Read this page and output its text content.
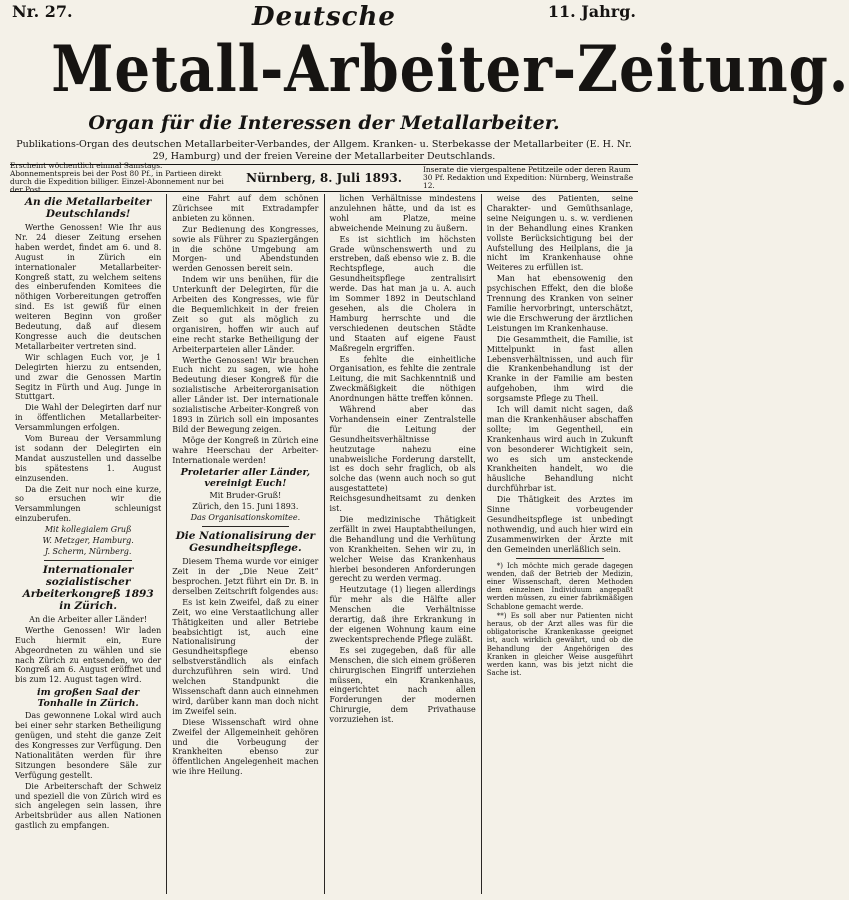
Nr. 27.	Deutsche	11. Jahrg.
Metall-Arbeiter-Zeitung.
Organ für die Interessen der Metallarbeiter.
Publikations-Organ des deutschen Metallarbeiter-Verbandes, der Allgem. Kranken- u. Sterbekasse der Metallarbeiter (E. H. Nr. 29, Hamburg) und der freien Vereine der Metallarbeiter Deutschlands.
Erscheint wöchentlich einmal Samstags. Abonnementspreis bei der Post 80 Pf., in Partieen direkt durch die Expedition billiger. Einzel-Abonnement nur bei der Post.
Nürnberg, 8. Juli 1893.
Inserate die viergespaltene Petitzeile oder deren Raum 30 Pf. Redaktion und Expedition: Nürnberg, Weinstraße 12.
An die Metallarbeiter Deutschlands!

Werthe Genossen! Wie Ihr aus Nr. 24 dieser Zeitung ersehen haben werdet, findet am 6. und 8. August in Zürich ein internationaler Metallarbeiter-Kongreß statt, zu welchem seitens des einberufenden Komitees die nöthigen Vorbereitungen getroffen sind. Es ist gewiß für einen weiteren Beginn von großer Bedeutung, daß auf diesem Kongresse auch die deutschen Metallarbeiter vertreten sind.

Wir schlagen Euch vor, je 1 Delegirten hierzu zu entsenden, und zwar die Genossen Martin Segitz in Fürth und Aug. Junge in Stuttgart.

Die Wahl der Delegirten darf nur in öffentlichen Metallarbeiter-Versammlungen erfolgen.

Vom Bureau der Versammlung ist sodann der Delegirten ein Mandat auszustellen und dasselbe bis spätestens 1. August einzusenden.

Da die Zeit nur noch eine kurze, so ersuchen wir die Versammlungen schleunigst einzuberufen.

Mit kollegialem Gruß

W. Metzger, Hamburg.

J. Scherm, Nürnberg.

Internationaler sozialistischer Arbeiterkongreß 1893 in Zürich.

An die Arbeiter aller Länder!

Werthe Genossen! Wir laden Euch hiermit ein, Eure Abgeordneten zu wählen und sie nach Zürich zu entsenden, wo der Kongreß am 6. August eröffnet und bis zum 12. August tagen wird.

im großen Saal der Tonhalle in Zürich.

Das gewonnene Lokal wird auch bei einer sehr starken Betheiligung genügen, und steht die ganze Zeit des Kongresses zur Verfügung. Den Nationalitäten werden für ihre Sitzungen besondere Säle zur Verfügung gestellt.

Die Arbeiterschaft der Schweiz und speziell die von Zürich wird es sich angelegen sein lassen, ihre Arbeitsbrüder aus allen Nationen gastlich zu empfangen.

eine Fahrt auf dem schönen Zürichsee mit Extradampfer anbieten zu können.

Zur Bedienung des Kongresses, sowie als Führer zu Spaziergängen in die schöne Umgebung am Morgen- und Abendstunden werden Genossen bereit sein.

Indem wir uns benühen, für die Unterkunft der Delegirten, für die Arbeiten des Kongresses, wie für die Bequemlichkeit in der freien Zeit so gut als möglich zu organisiren, hoffen wir auch auf eine recht starke Betheiligung der Arbeiterparteien aller Länder.

Werthe Genossen! Wir brauchen Euch nicht zu sagen, wie hohe Bedeutung dieser Kongreß für die sozialistische Arbeiterorganisation aller Länder ist. Der internationale sozialistische Arbeiter-Kongreß von 1893 in Zürich soll ein imposantes Bild der Bewegung zeigen.

Möge der Kongreß in Zürich eine wahre Heerschau der Arbeiter-Internationale werden!

Proletarier aller Länder, vereinigt Euch!

Mit Bruder-Gruß!

Zürich, den 15. Juni 1893.

Das Organisationskomitee.

Die Nationalisirung der Gesundheitspflege.

Diesem Thema wurde vor einiger Zeit in der „Die Neue Zeit“ besprochen. Jetzt führt ein Dr. B. in derselben Zeitschrift folgendes aus:

Es ist kein Zweifel, daß zu einer Zeit, wo eine Verstaatlichung aller Thätigkeiten und aller Betriebe beabsichtigt ist, auch eine Nationalisirung der Gesundheitspflege ebenso selbstverständlich als einfach durchzuführen sein wird. Und welchen Standpunkt die Wissenschaft dann auch einnehmen wird, darüber kann man doch nicht im Zweifel sein.

Diese Wissenschaft wird ohne Zweifel der Allgemeinheit gehören und die Vorbeugung der Krankheiten ebenso zur öffentlichen Angelegenheit machen wie ihre Heilung.

lichen Verhältnisse mindestens anzulehnen hätte, und da ist es wohl am Platze, meine abweichende Meinung zu äußern.

Es ist sichtlich im höchsten Grade wünschenswerth und zu erstreben, daß ebenso wie z. B. die Rechtspflege, auch die Gesundheitspflege zentralisirt werde. Das hat man ja u. A. auch im Sommer 1892 in Deutschland gesehen, als die Cholera in Hamburg herrschte und die verschiedenen deutschen Städte und Staaten auf eigene Faust Maßregeln ergriffen.

Es fehlte die einheitliche Organisation, es fehlte die zentrale Leitung, die mit Sachkenntniß und Zweckmäßigkeit die nöthigen Anordnungen hätte treffen können.

Während aber das Vorhandensein einer Zentralstelle für die Leitung der Gesundheitsverhältnisse heutzutage nahezu eine unabweisliche Forderung darstellt, ist es doch sehr fraglich, ob als solche das (wenn auch noch so gut ausgestattete) Reichsgesundheitsamt zu denken ist.

Die medizinische Thätigkeit zerfällt in zwei Hauptabtheilungen, die Behandlung und die Verhütung von Krankheiten. Sehen wir zu, in welcher Weise das Krankenhaus hierbei besonderen Anforderungen gerecht zu werden vermag.

Heutzutage (1) liegen allerdings für mehr als die Hälfte aller Menschen die Verhältnisse derartig, daß ihre Erkrankung in der eigenen Wohnung kaum eine zweckentsprechende Pflege zuläßt.

Es sei zugegeben, daß für alle Menschen, die sich einem größeren chirurgischen Eingriff unterziehen müssen, ein Krankenhaus, eingerichtet nach allen Forderungen der modernen Chirurgie, dem Privathause vorzuziehen ist.

weise des Patienten, seine Charakter- und Gemüthsanlage, seine Neigungen u. s. w. verdienen in der Behandlung eines Kranken vollste Berücksichtigung bei der Aufstellung des Heilplans, die ja nicht im Krankenhause ohne Weiteres zu erfüllen ist.

Man hat ebensowenig den psychischen Effekt, den die bloße Trennung des Kranken von seiner Familie hervorbringt, unterschätzt, wie die Erschwerung der ärztlichen Leistungen im Krankenhause.

Die Gesammtheit, die Familie, ist Mittelpunkt in fast allen Lebensverhältnissen, und auch für die Krankenbehandlung ist der Kranke in der Familie am besten aufgehoben, ihm wird die sorgsamste Pflege zu Theil.

Ich will damit nicht sagen, daß man die Krankenhäuser abschaffen sollte; im Gegentheil, ein Krankenhaus wird auch in Zukunft von besonderer Wichtigkeit sein, wo es sich um ansteckende Krankheiten handelt, wo die häusliche Behandlung nicht durchführbar ist.

Die Thätigkeit des Arztes im Sinne vorbeugender Gesundheitspflege ist unbedingt nothwendig, und auch hier wird ein Zusammenwirken der Ärzte mit den Gemeinden unerläßlich sein.

*) Ich möchte mich gerade dagegen wenden, daß der Betrieb der Medizin, einer Wissenschaft, deren Methoden dem einzelnen Individuum angepaßt werden müssen, zu einer fabrikmäßigen Schablone gemacht werde.

**) Es soll aber nur Patienten nicht heraus, ob der Arzt alles was für die obligatorische Krankenkasse geeignet ist, auch wirklich gewährt, und ob die Behandlung der Angehörigen des Kranken in gleicher Weise ausgeführt werden kann, was bis jetzt nicht die Sache ist.
